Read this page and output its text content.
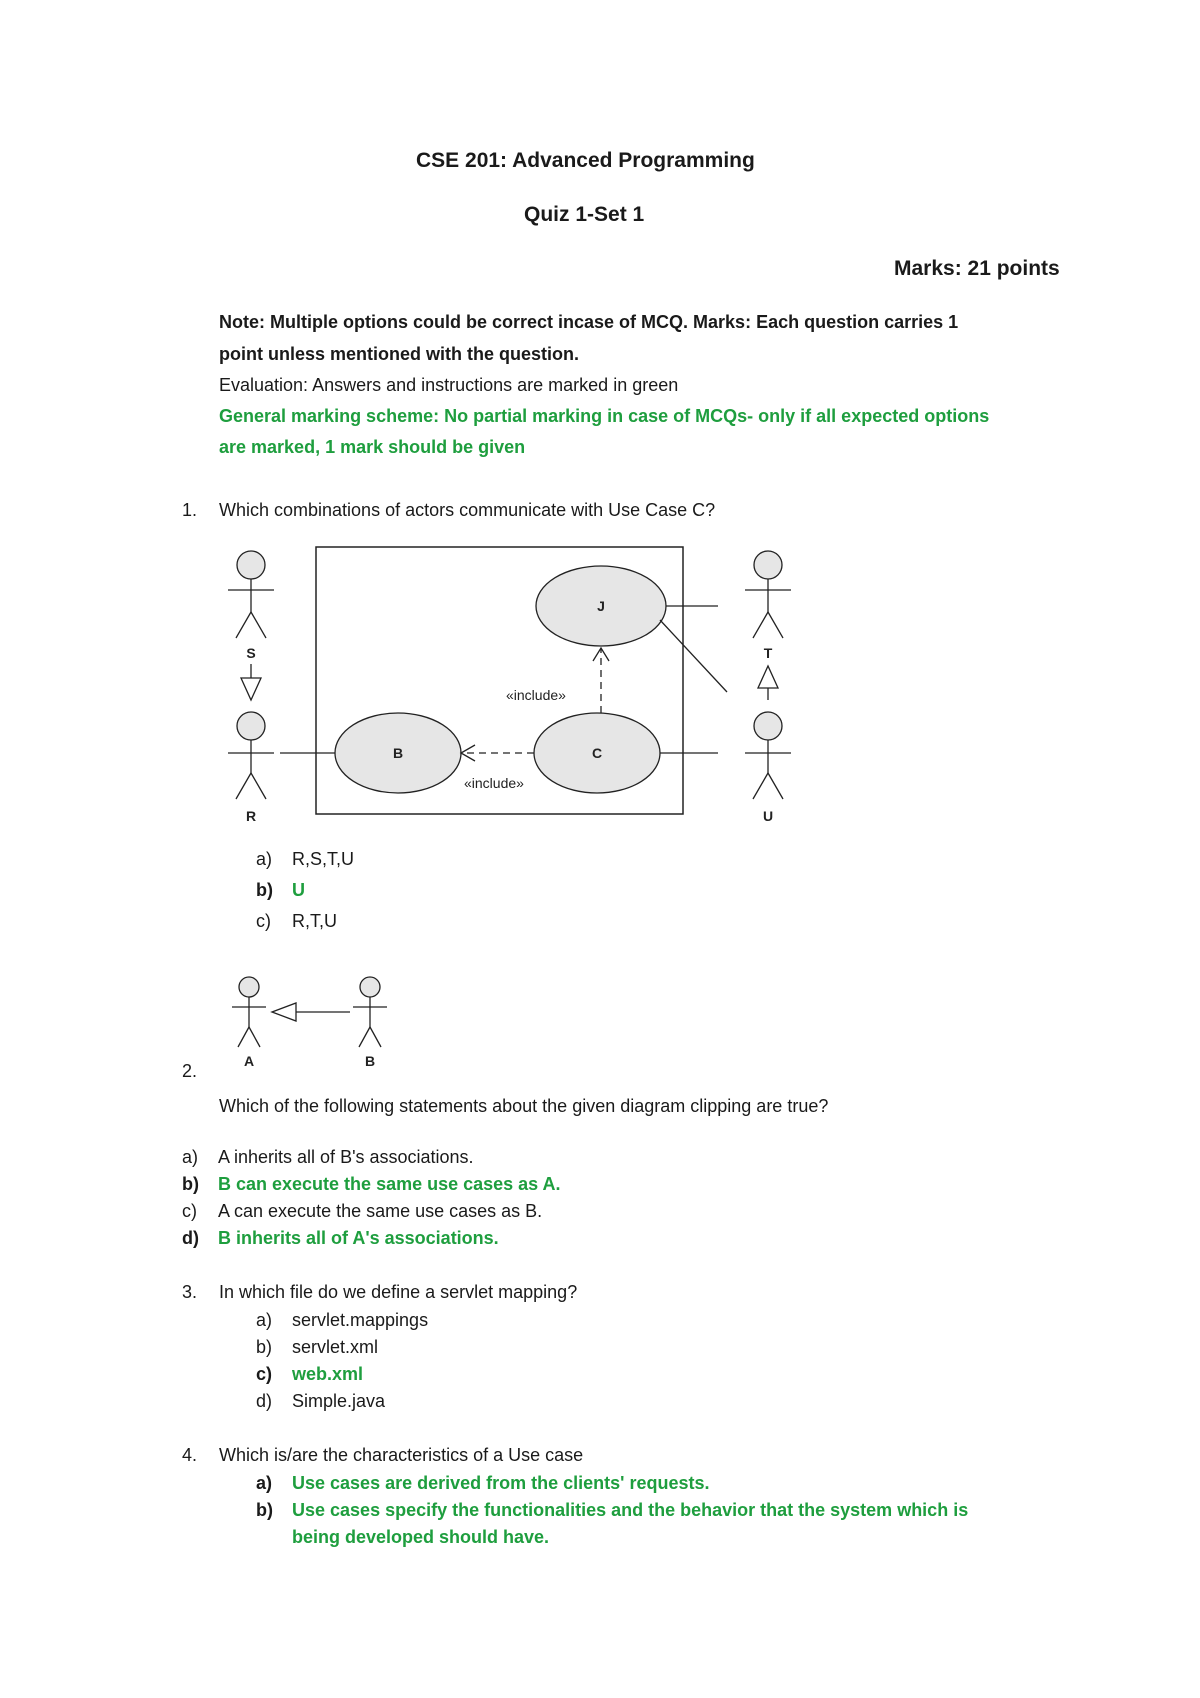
CSE 201: Advanced Programming
Quiz 1-Set 1
Marks: 21 points
Note: Multiple options could be correct incase of MCQ. Marks: Each question carries 1
point unless mentioned with the question.
Evaluation: Answers and instructions are marked in green
General marking scheme: No partial marking in case of MCQs- only if all expected options
are marked, 1 mark should be given
1. Which combinations of actors communicate with Use Case C?
J
B	C
«include»
«include»
S
R
T
U
a) R,S,T,U
b) U
c) R,T,U
A	B
2.
Which of the following statements about the given diagram clipping are true?
a) A inherits all of B's associations.
b) B can execute the same use cases as A.
c) A can execute the same use cases as B.
d) B inherits all of A's associations.
3. In which file do we define a servlet mapping?
a) servlet.mappings
b) servlet.xml
c) web.xml
d) Simple.java
4. Which is/are the characteristics of a Use case
a) Use cases are derived from the clients' requests.
b) Use cases specify the functionalities and the behavior that the system which is
being developed should have.
